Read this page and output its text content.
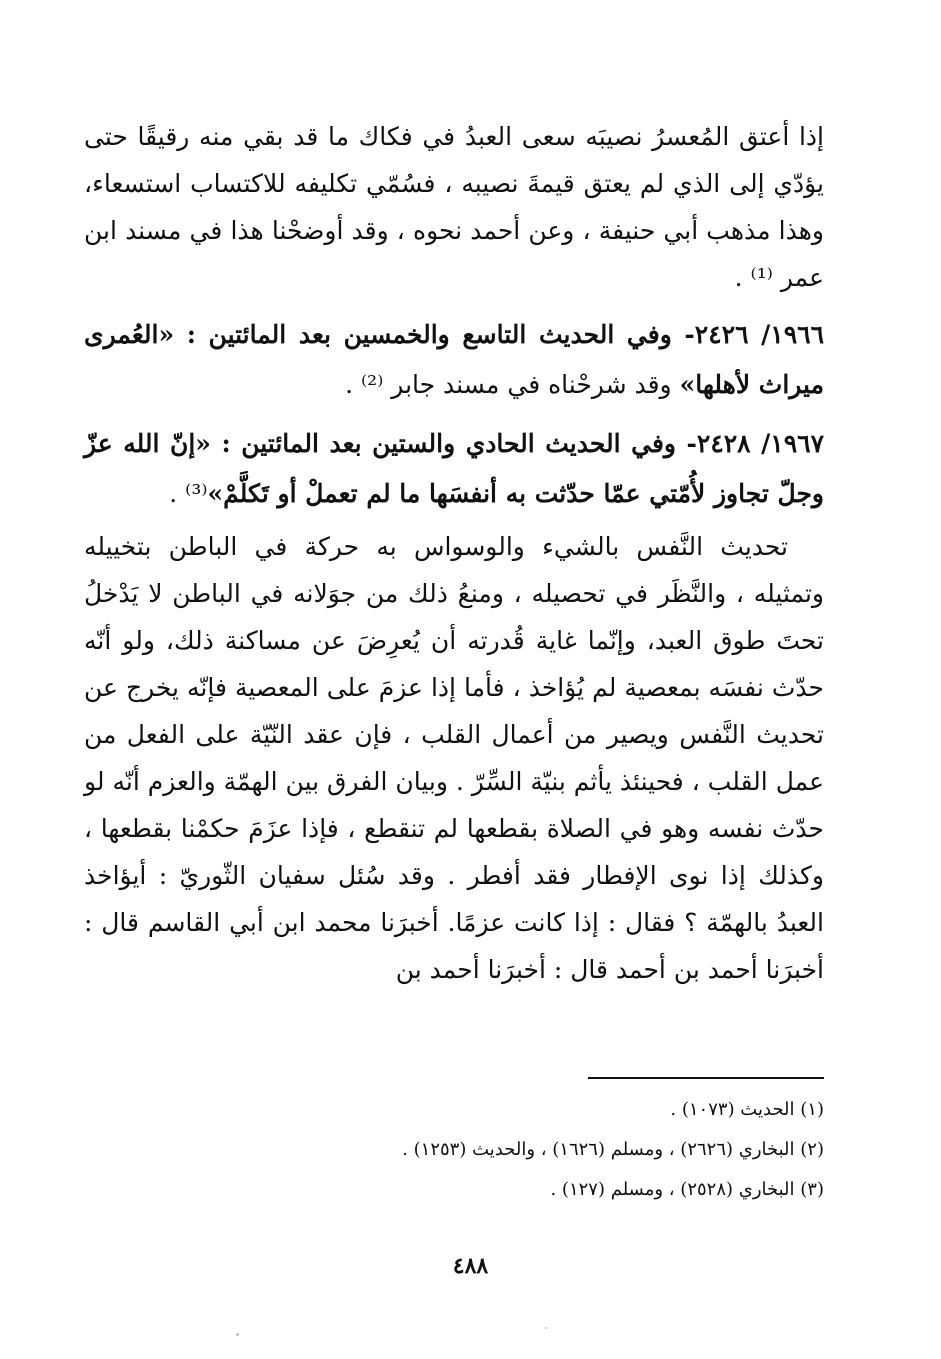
إذا أعتق المُعسرُ نصيبَه سعى العبدُ في فكاك ما قد بقي منه رقيقًا حتى يؤدّي إلى الذي لم يعتق قيمةَ نصيبه ، فسُمّي تكليفه للاكتساب استسعاء، وهذا مذهب أبي حنيفة ، وعن أحمد نحوه ، وقد أوضحْنا هذا في مسند ابن عمر ⁽¹⁾ .

١٩٦٦/ ٢٤٢٦- وفي الحديث التاسع والخمسين بعد المائتين : «العُمرى ميراث لأهلها» وقد شرحْناه في مسند جابر ⁽²⁾ .

١٩٦٧/ ٢٤٢٨- وفي الحديث الحادي والستين بعد المائتين : «إنّ الله عزّ وجلّ تجاوز لأُمّتي عمّا حدّثت به أنفسَها ما لم تعملْ أو تَكلَّمْ»⁽³⁾ .

تحديث النَّفس بالشيء والوسواس به حركة في الباطن بتخييله وتمثيله ، والنَّظَر في تحصيله ، ومنعُ ذلك من جوَلانه في الباطن لا يَدْخلُ تحتَ طوق العبد، وإنّما غاية قُدرته أن يُعرِضَ عن مساكنة ذلك، ولو أنّه حدّث نفسَه بمعصية لم يُؤاخذ ، فأما إذا عزمَ على المعصية فإنّه يخرج عن تحديث النَّفس ويصير من أعمال القلب ، فإن عقد النّيّة على الفعل من عمل القلب ، فحينئذ يأثم بنيّة السِّرّ . وبيان الفرق بين الهمّة والعزم أنّه لو حدّث نفسه وهو في الصلاة بقطعها لم تنقطع ، فإذا عزَمَ حكمْنا بقطعها ، وكذلك إذا نوى الإفطار فقد أفطر . وقد سُئل سفيان الثّوريّ : أيؤاخذ العبدُ بالهمّة ؟ فقال : إذا كانت عزمًا. أخبرَنا محمد ابن أبي القاسم قال : أخبرَنا أحمد بن أحمد قال : أخبرَنا أحمد بن

(١) الحديث (١٠٧٣) .

(٢) البخاري (٢٦٢٦) ، ومسلم (١٦٢٦) ، والحديث (١٢٥٣) .

(٣) البخاري (٢٥٢٨) ، ومسلم (١٢٧) .

٤٨٨
